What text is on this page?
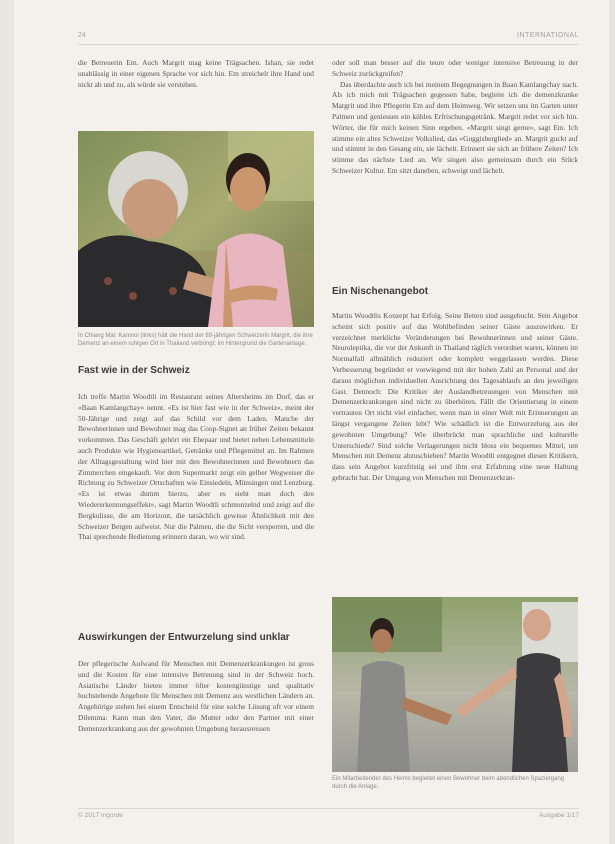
24	INTERNATIONAL

die Betreuerin Em. Auch Margrit mag keine Trägsachen. Ishan, sie redet unablässig in einer eigenen Sprache vor sich hin. Em streichelt ihre Hand und nickt ab und zu, als würde sie verstehen.

In Chiang Mai: Kamnoi (links) hält die Hand der 89-jährigen Schweizerin Margrit, die ihre Demenz an einem ruhigen Ort in Thailand verbringt; im Hintergrund die Gartenanlage.

Fast wie in der Schweiz

Ich treffe Martin Woodtli im Restaurant seines Altersheims im Dorf, das er «Baan Kamlangchay» nennt. «Es ist hier fast wie in der Schweiz», meint der 50-Jährige und zeigt auf das Schild vor dem Laden. Manche der Bewohnerinnen und Bewohner mag das Coop-Signet an früher Zeiten bekannt vorkommen. Das Geschäft gehört ein Ehepaar und bietet neben Lebensmitteln auch Produkte wie Hygieneartikel, Getränke und Pflegemittel an. Im Rahmen der Alltagsgestaltung wird hier mit den Bewohnerinnen und Bewohnern das Zimmerchen eingekauft. Vor dem Supermarkt zeigt ein gelber Wegweiser die Richtung zu Schweizer Ortschaften wie Einsiedeln, Münsingen und Lenzburg. «Es ist etwas dumm hierzu, aber es sieht man doch den Wiedererkennungseffekt», sagt Martin Woodtli schmunzelnd und zeigt auf die Bergkulisse, die am Horizont, die tatsächlich gewisse Ähnlichkeit mit den Schweizer Bergen aufweist. Nur die Palmen, die die Sicht versperren, und die Thai sprechende Bedienung erinnern daran, wo wir sind.

Auswirkungen der Entwurzelung sind unklar

Der pflegerische Aufwand für Menschen mit Demenzerkrankungen ist gross und die Kosten für eine intensive Betreuung sind in der Schweiz hoch. Asiatische Länder bieten immer öfter kostengünstige und qualitativ hochstehende Angebote für Menschen mit Demenz aus westlichen Ländern an. Angehörige stehen bei einem Entscheid für eine solche Lösung oft vor einem Dilemma: Kann man den Vater, die Mutter oder den Partner mit einer Demenzerkrankung aus der gewohnten Umgebung herausreissen

oder soll man besser auf die teure oder weniger intensive Betreuung in der Schweiz zurückgreifen?

Das überdachte auch ich bei meinem Begegnungen in Baan Kamlangchay nach. Als ich mich mit Trägsachen gegessen habe, begleite ich die demenzkranke Margrit und ihre Pflegerin Em auf dem Heimweg. Wir setzen uns im Garten unter Palmen und geniessen ein kühles Erfrischungsgetränk. Margrit redet vor sich hin. Wörter, die für mich keinen Sinn ergeben. «Margrit singt gerne», sagt Em. Ich stimme ein altes Schweizer Volkslied, das «Guggisberglied» an. Margrit guckt auf und stimmt in den Gesang ein, sie lächelt. Erinnert sie sich an frühere Zeiten? Ich stimme das nächste Lied an. Wir singen also gemeinsam durch ein Stück Schweizer Kultur. Em sitzt daneben, schweigt und lächelt.

Ein Nischenangebot

Martin Woodtlis Konzept hat Erfolg. Seine Betten sind ausgebucht. Sein Angebot scheint sich positiv auf das Wohlbefinden seiner Gäste auszuwirken. Er verzeichnet merkliche Veränderungen bei Bewohnerinnen und seiner Gäste. Neuroleptika, die vor der Ankunft in Thailand täglich verordnet waren, können im Normalfall allmählich reduziert oder komplett weggelassen werden. Diese Verbesserung begründet er vorwiegend mit der hohen Zahl an Personal und der daraus möglichen individuellen Ausrichtung des Tagesablaufs an den jeweiligen Gast. Dennoch: Die Kritiker der Auslandbetreuungen von Menschen mit Demenzerkrankungen sind nicht zu überhören. Fällt die Orientierung in einem vertrauten Ort nicht viel einfacher, wenn man in einer Welt mit Erinnerungen an längst vergangene Zeiten lebt? Wie schädlich ist die Entwurzelung aus der gewohnten Umgebung? Wie überbrückt man sprachliche und kulturelle Unterschiede? Sind solche Verlagerungen nicht bloss ein bequemes Mittel, um Menschen mit Demenz abzuschieben? Martin Woodtli entgegnet diesen Kritikern, dass sein Angebot kurzfristig sei und ihm erst Erfahrung eine neue Haltung gebracht hat. Der Umgang von Menschen mit Demenzerkran-

Ein Mitarbeitender des Heims begleitet einen Bewohner beim abendlichen Spaziergang durch die Anlage.

© 2017 Ingorde	Ausgabe 1/17
